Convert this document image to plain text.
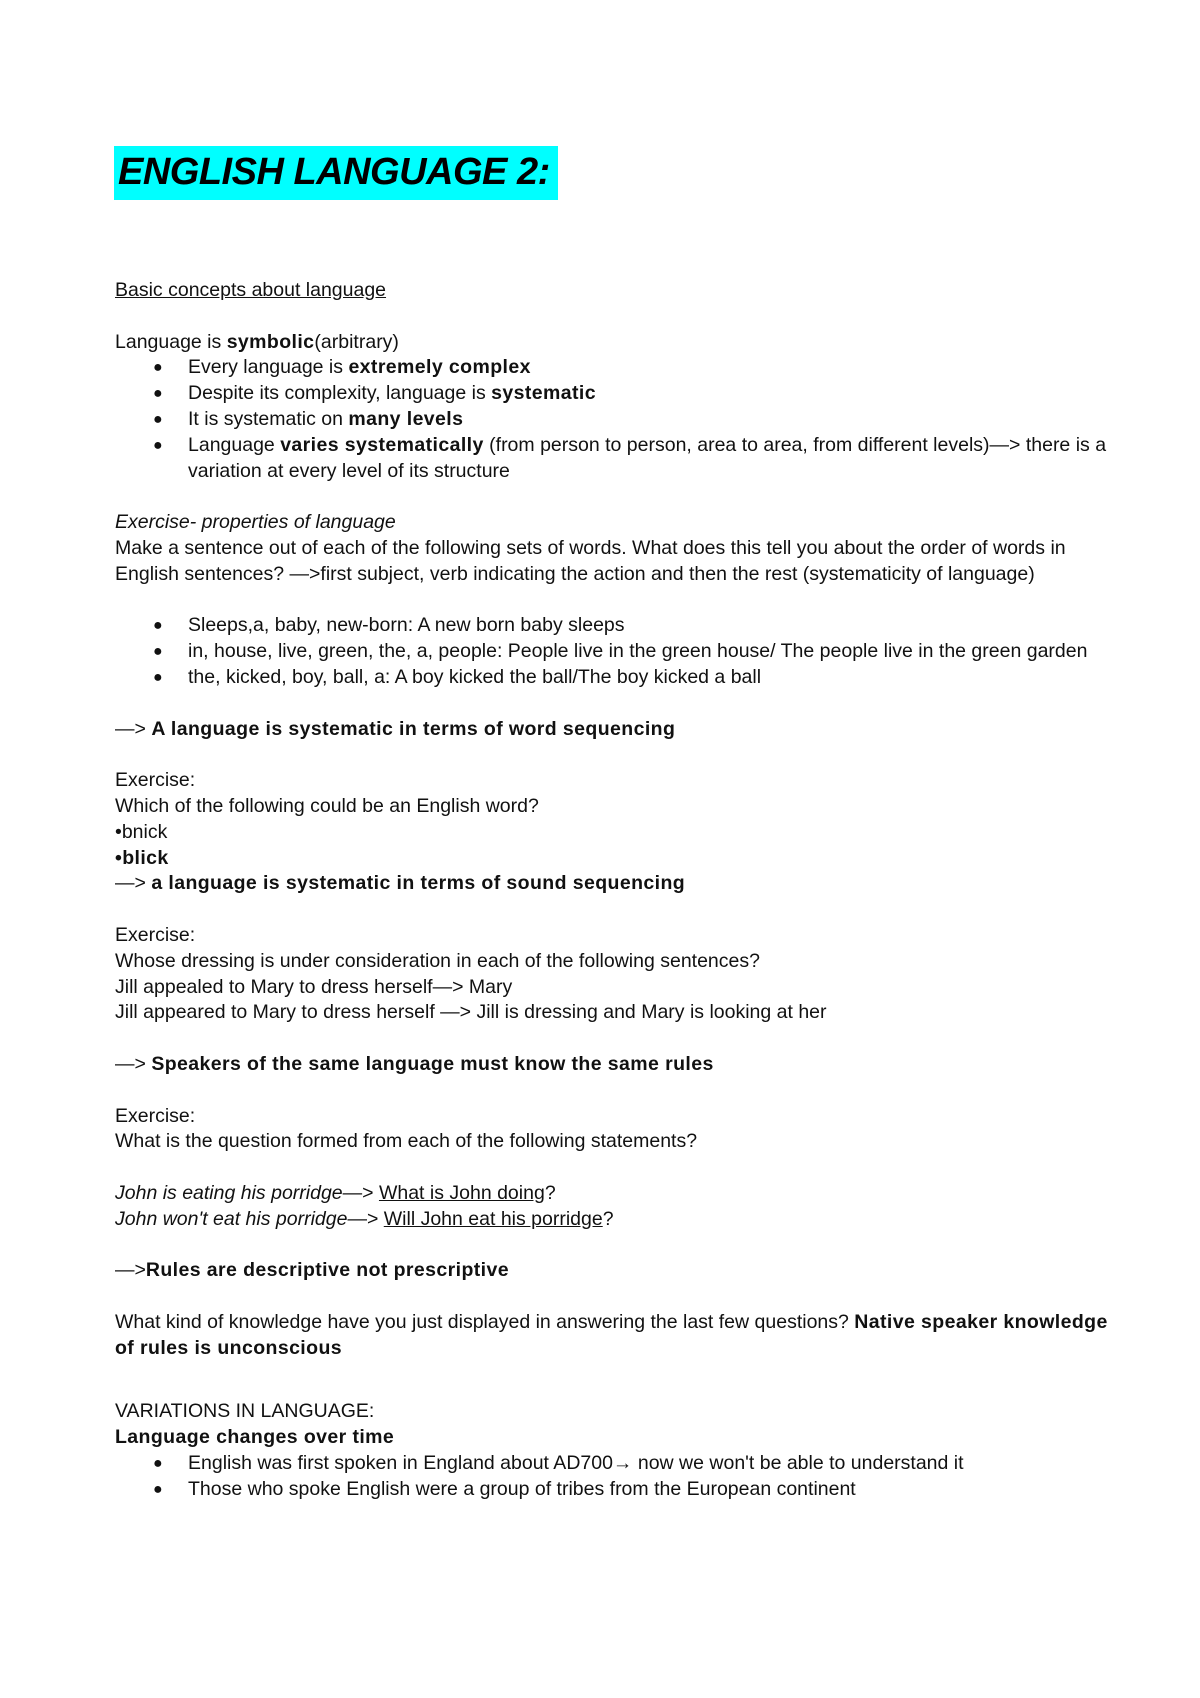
ENGLISH LANGUAGE 2:

Basic concepts about language

Language is symbolic(arbitrary)

● Every language is extremely complex
● Despite its complexity, language is systematic
● It is systematic on many levels
● Language varies systematically (from person to person, area to area, from different levels)—> there is a variation at every level of its structure

Exercise- properties of language

Make a sentence out of each of the following sets of words. What does this tell you about the order of words in English sentences? —>first subject, verb indicating the action and then the rest (systematicity of language)

● Sleeps,a, baby, new-born: A new born baby sleeps
● in, house, live, green, the, a, people: People live in the green house/ The people live in the green garden
● the, kicked, boy, ball, a: A boy kicked the ball/The boy kicked a ball

—> A language is systematic in terms of word sequencing

Exercise:

Which of the following could be an English word?

•bnick

•blick

—> a language is systematic in terms of sound sequencing

Exercise:

Whose dressing is under consideration in each of the following sentences?

Jill appealed to Mary to dress herself—> Mary

Jill appeared to Mary to dress herself —> Jill is dressing and Mary is looking at her

—> Speakers of the same language must know the same rules

Exercise:

What is the question formed from each of the following statements?

John is eating his porridge—> What is John doing?

John won't eat his porridge—> Will John eat his porridge?

—>Rules are descriptive not prescriptive

What kind of knowledge have you just displayed in answering the last few questions? Native speaker knowledge of rules is unconscious

VARIATIONS IN LANGUAGE:

Language changes over time

● English was first spoken in England about AD700→ now we won't be able to understand it
● Those who spoke English were a group of tribes from the European continent
